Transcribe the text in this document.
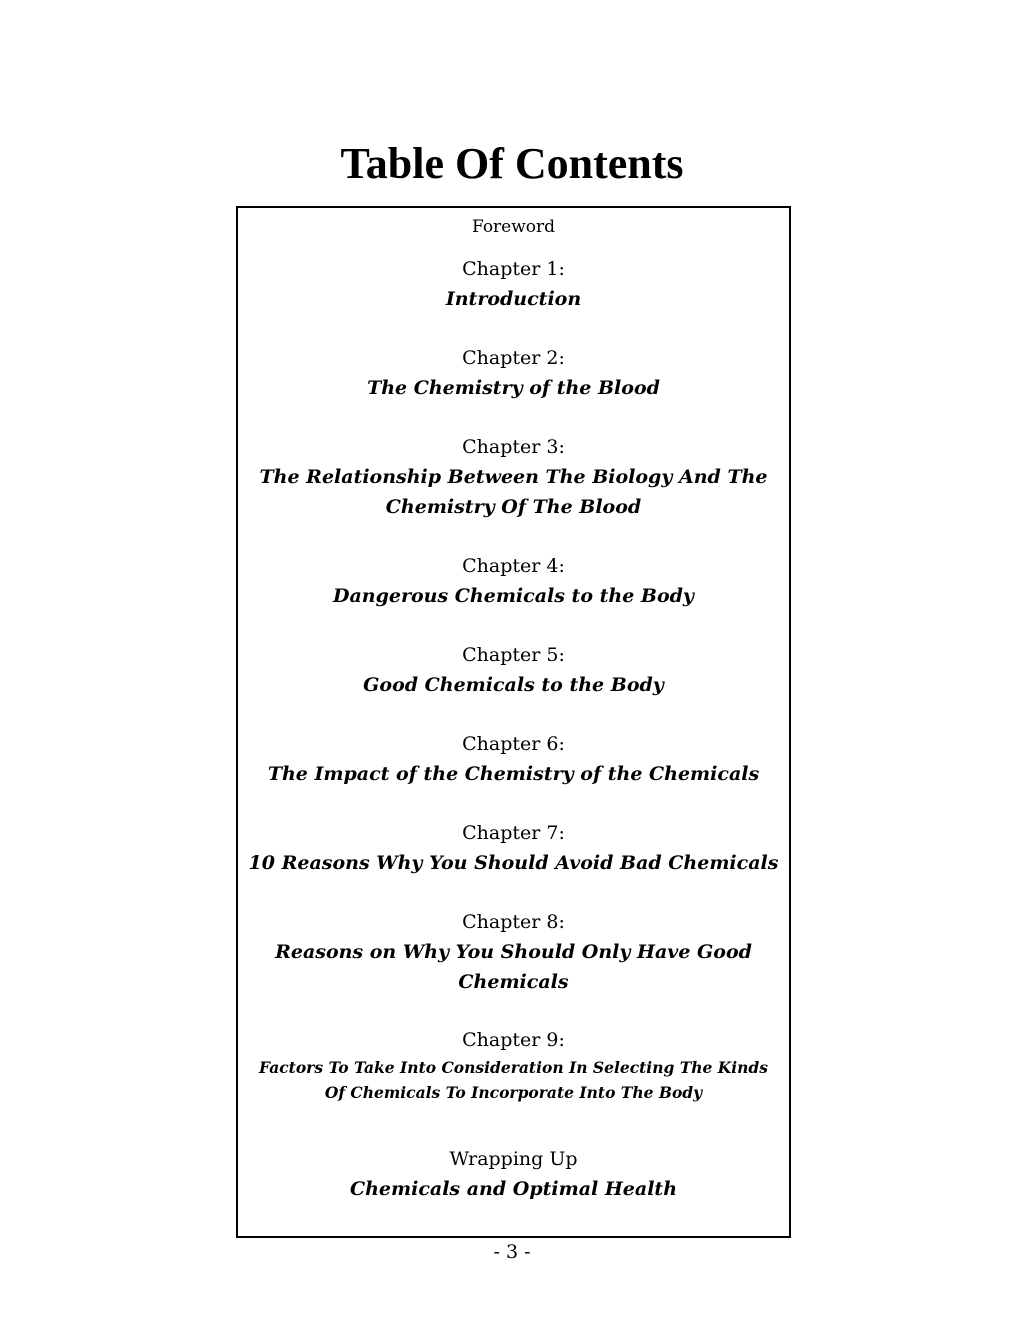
Table Of Contents
Foreword
Chapter 1:
Introduction
Chapter 2:
The Chemistry of the Blood
Chapter 3:
The Relationship Between The Biology And The Chemistry Of The Blood
Chapter 4:
Dangerous Chemicals to the Body
Chapter 5:
Good Chemicals to the Body
Chapter 6:
The Impact of the Chemistry of the Chemicals
Chapter 7:
10 Reasons Why You Should Avoid Bad Chemicals
Chapter 8:
Reasons on Why You Should Only Have Good Chemicals
Chapter 9:
Factors To Take Into Consideration In Selecting The Kinds Of Chemicals To Incorporate Into The Body
Wrapping Up
Chemicals and Optimal Health
- 3 -
